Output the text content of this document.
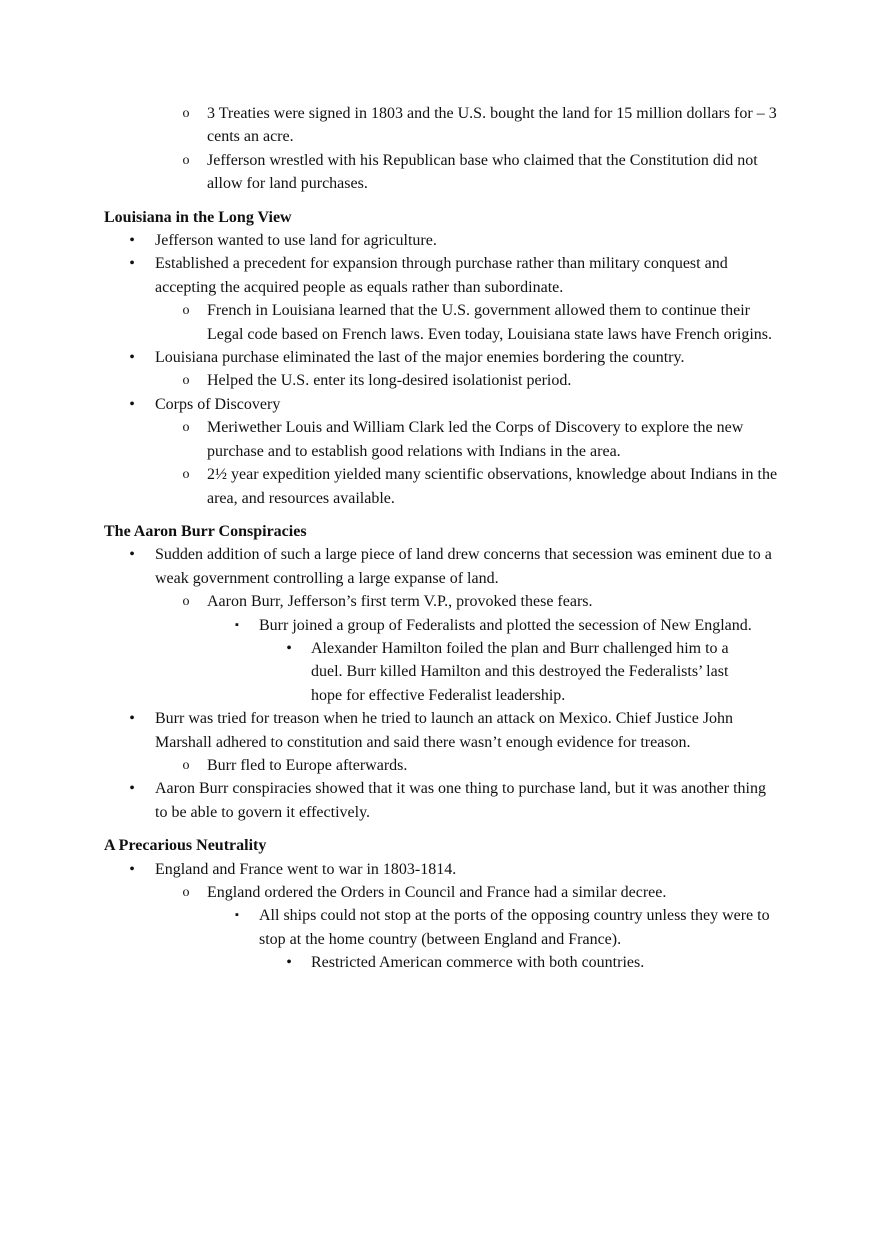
o 3 Treaties were signed in 1803 and the U.S. bought the land for 15 million dollars for – 3 cents an acre.
o Jefferson wrestled with his Republican base who claimed that the Constitution did not allow for land purchases.
Louisiana in the Long View
•	Jefferson wanted to use land for agriculture.
•	Established a precedent for expansion through purchase rather than military conquest and accepting the acquired people as equals rather than subordinate.
o French in Louisiana learned that the U.S. government allowed them to continue their Legal code based on French laws. Even today, Louisiana state laws have French origins.
•	Louisiana purchase eliminated the last of the major enemies bordering the country.
o Helped the U.S. enter its long-desired isolationist period.
•	Corps of Discovery
o Meriwether Louis and William Clark led the Corps of Discovery to explore the new purchase and to establish good relations with Indians in the area.
o 2½ year expedition yielded many scientific observations, knowledge about Indians in the area, and resources available.
The Aaron Burr Conspiracies
•	Sudden addition of such a large piece of land drew concerns that secession was eminent due to a weak government controlling a large expanse of land.
o Aaron Burr, Jefferson’s first term V.P., provoked these fears.
▪	Burr joined a group of Federalists and plotted the secession of New England.
•	Alexander Hamilton foiled the plan and Burr challenged him to a duel. Burr killed Hamilton and this destroyed the Federalists’ last hope for effective Federalist leadership.
•	Burr was tried for treason when he tried to launch an attack on Mexico. Chief Justice John Marshall adhered to constitution and said there wasn’t enough evidence for treason.
o Burr fled to Europe afterwards.
•	Aaron Burr conspiracies showed that it was one thing to purchase land, but it was another thing to be able to govern it effectively.
A Precarious Neutrality
•	England and France went to war in 1803-1814.
o England ordered the Orders in Council and France had a similar decree.
▪	All ships could not stop at the ports of the opposing country unless they were to stop at the home country (between England and France).
•	Restricted American commerce with both countries.
